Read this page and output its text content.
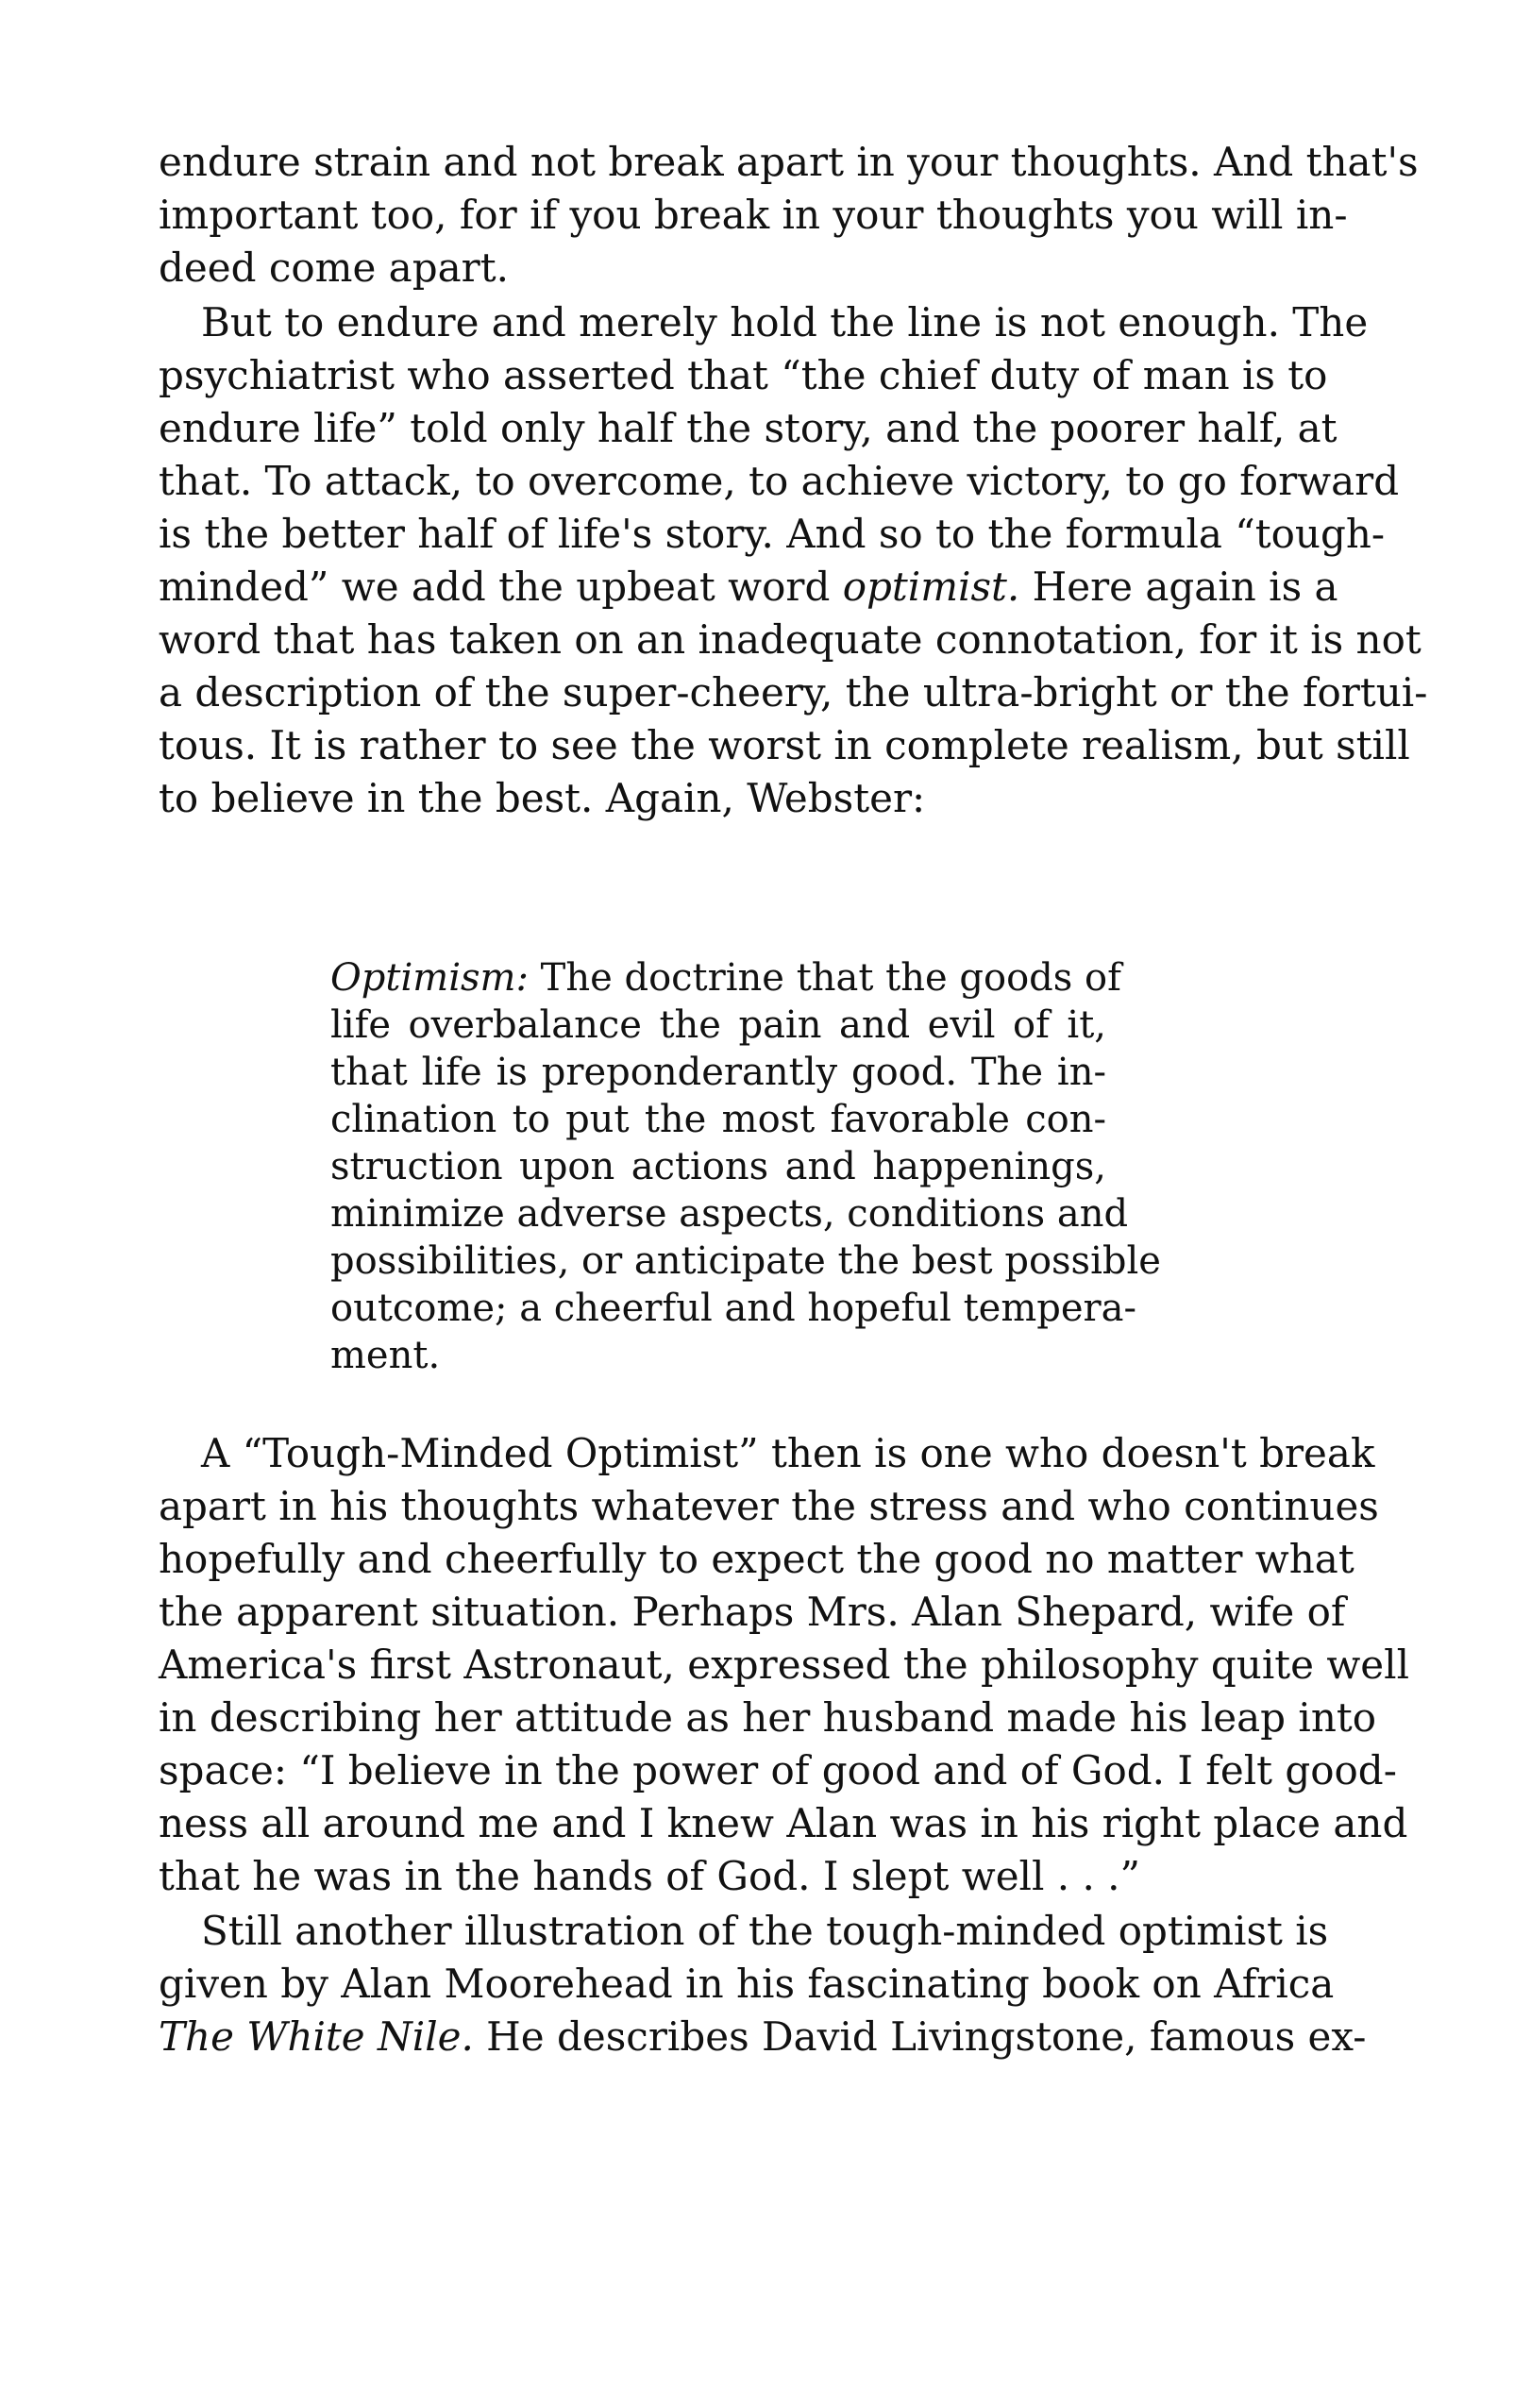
endure strain and not break apart in your thoughts. And that's
important too, for if you break in your thoughts you will in-
deed come apart.
But to endure and merely hold the line is not enough. The
psychiatrist who asserted that “the chief duty of man is to
endure life” told only half the story, and the poorer half, at
that. To attack, to overcome, to achieve victory, to go forward
is the better half of life's story. And so to the formula “tough-
minded” we add the upbeat word optimist. Here again is a
word that has taken on an inadequate connotation, for it is not
a description of the super-cheery, the ultra-bright or the fortui-
tous. It is rather to see the worst in complete realism, but still
to believe in the best. Again, Webster:
Optimism: The doctrine that the goods of
life overbalance the pain and evil of it,
that life is preponderantly good. The in-
clination to put the most favorable con-
struction upon actions and happenings,
minimize adverse aspects, conditions and
possibilities, or anticipate the best possible
outcome; a cheerful and hopeful tempera-
ment.
A “Tough-Minded Optimist” then is one who doesn't break
apart in his thoughts whatever the stress and who continues
hopefully and cheerfully to expect the good no matter what
the apparent situation. Perhaps Mrs. Alan Shepard, wife of
America's first Astronaut, expressed the philosophy quite well
in describing her attitude as her husband made his leap into
space: “I believe in the power of good and of God. I felt good-
ness all around me and I knew Alan was in his right place and
that he was in the hands of God. I slept well . . .”
Still another illustration of the tough-minded optimist is
given by Alan Moorehead in his fascinating book on Africa
The White Nile. He describes David Livingstone, famous ex-
